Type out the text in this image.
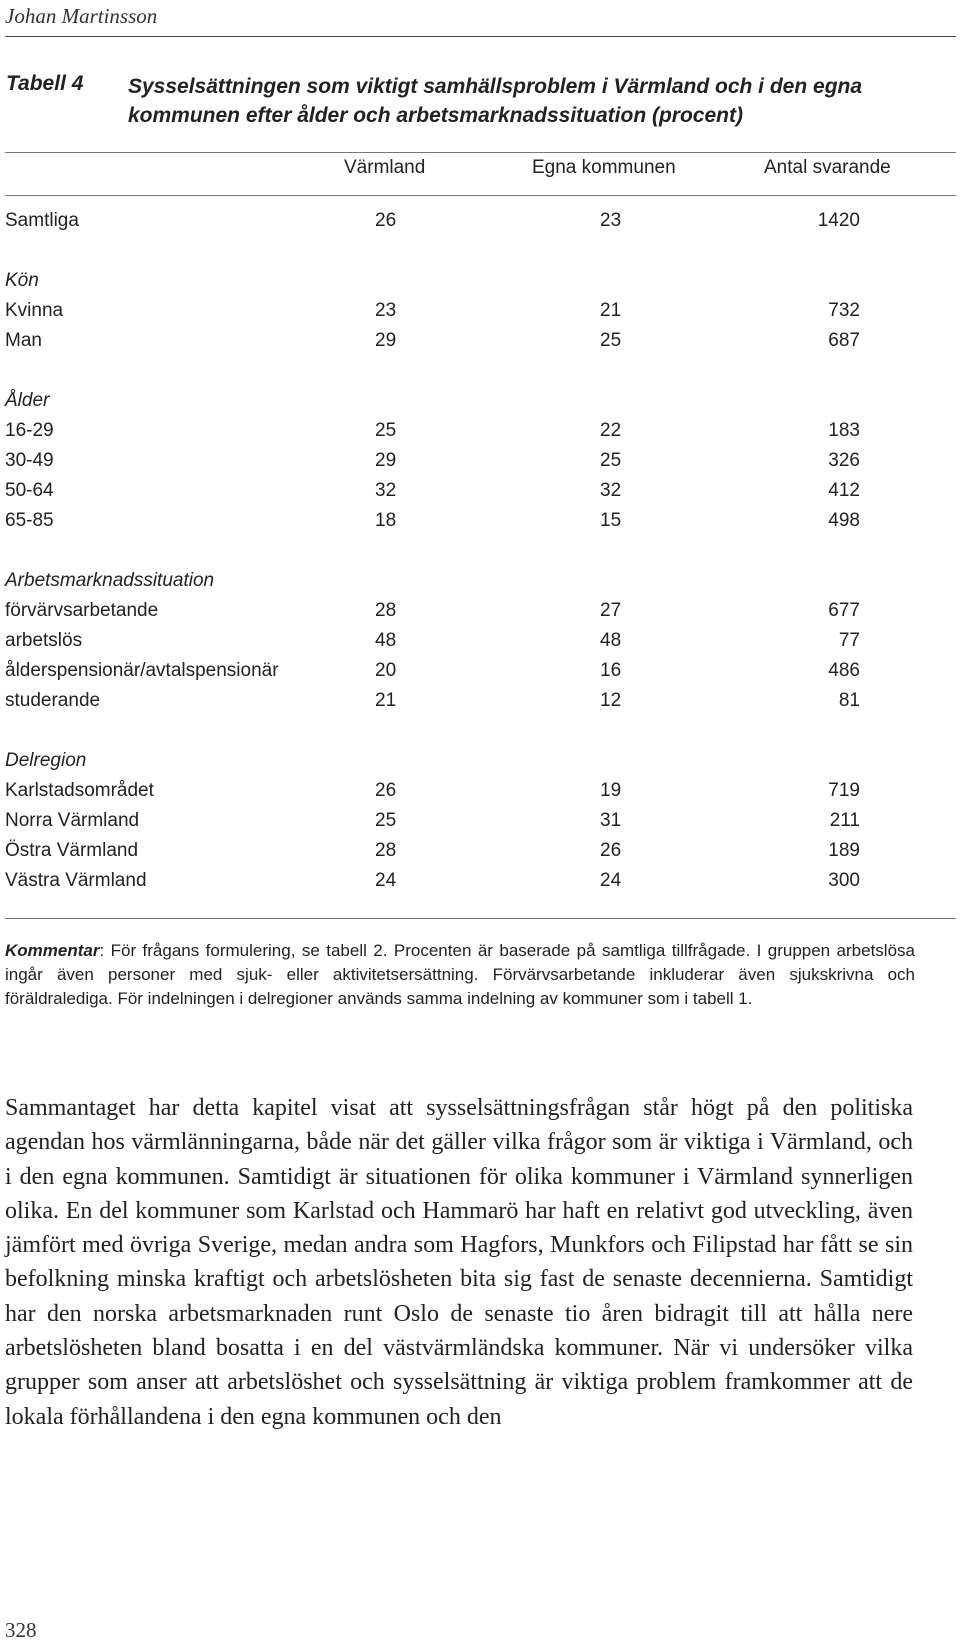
Johan Martinsson
Tabell 4 Sysselsättningen som viktigt samhällsproblem i Värmland och i den egna kommunen efter ålder och arbetsmarknadssituation (procent)
Värmland	Egna kommunen	Antal svarande
Samtliga	26	23	1420
Kön
Kvinna	23	21	732
Man	29	25	687
Ålder
16-29	25	22	183
30-49	29	25	326
50-64	32	32	412
65-85	18	15	498
Arbetsmarknadssituation
förvärvsarbetande	28	27	677
arbetslös	48	48	77
ålderspensionär/avtalspensionär	20	16	486
studerande	21	12	81
Delregion
Karlstadsområdet	26	19	719
Norra Värmland	25	31	211
Östra Värmland	28	26	189
Västra Värmland	24	24	300
Kommentar: För frågans formulering, se tabell 2. Procenten är baserade på samtliga tillfrågade. I gruppen arbetslösa ingår även personer med sjuk- eller aktivitetsersättning. Förvärvsarbetande inkluderar även sjukskrivna och föräldralediga. För indelningen i delregioner används samma indelning av kommuner som i tabell 1.
Sammantaget har detta kapitel visat att sysselsättningsfrågan står högt på den politiska agendan hos värmlänningarna, både när det gäller vilka frågor som är viktiga i Värmland, och i den egna kommunen. Samtidigt är situationen för olika kommuner i Värmland synnerligen olika. En del kommuner som Karlstad och Hammarö har haft en relativt god utveckling, även jämfört med övriga Sverige, medan andra som Hagfors, Munkfors och Filipstad har fått se sin befolkning minska kraftigt och arbetslösheten bita sig fast de senaste decennierna. Samtidigt har den norska arbetsmarknaden runt Oslo de senaste tio åren bidragit till att hålla nere arbetslösheten bland bosatta i en del västvärmländska kommuner. När vi undersöker vilka grupper som anser att arbetslöshet och sysselsättning är viktiga problem framkommer att de lokala förhållandena i den egna kommunen och den
328
